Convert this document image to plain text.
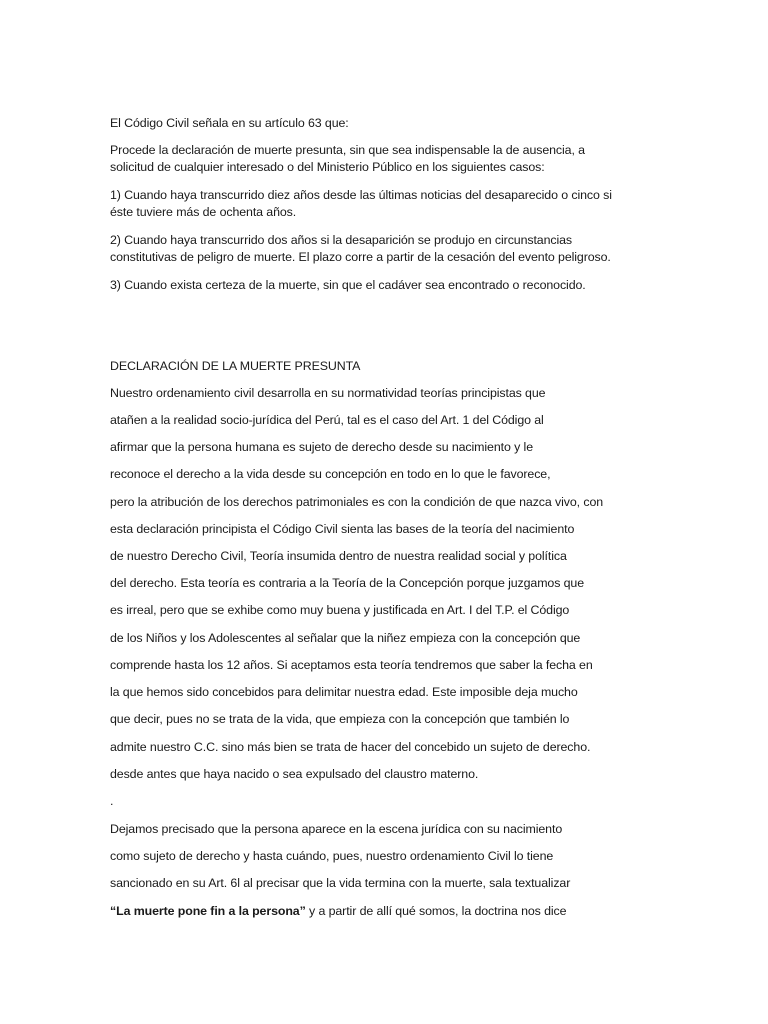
El Código Civil señala en su artículo 63 que:
Procede la declaración de muerte presunta, sin que sea indispensable la de ausencia, a
solicitud de cualquier interesado o del Ministerio Público en los siguientes casos:
1) Cuando haya transcurrido diez años desde las últimas noticias del desaparecido o cinco si
éste tuviere más de ochenta años.
2) Cuando haya transcurrido dos años si la desaparición se produjo en circunstancias
constitutivas de peligro de muerte. El plazo corre a partir de la cesación del evento peligroso.
3) Cuando exista certeza de la muerte, sin que el cadáver sea encontrado o reconocido.
DECLARACIÓN DE LA MUERTE PRESUNTA
Nuestro ordenamiento civil desarrolla en su normatividad teorías principistas que
atañen a la realidad socio-jurídica del Perú, tal es el caso del Art. 1 del Código al
afirmar que la persona humana es sujeto de derecho desde su nacimiento y le
reconoce el derecho a la vida desde su concepción en todo en lo que le favorece,
pero la atribución de los derechos patrimoniales es con la condición de que nazca vivo, con
esta declaración principista el Código Civil sienta las bases de la teoría del nacimiento
de nuestro Derecho Civil, Teoría insumida dentro de nuestra realidad social y política
del derecho. Esta teoría es contraria a la Teoría de la Concepción porque juzgamos que
es irreal, pero que se exhibe como muy buena y justificada en Art. I del T.P. el Código
de los Niños y los Adolescentes al señalar que la niñez empieza con la concepción que
comprende hasta los 12 años. Si aceptamos esta teoría tendremos que saber la fecha en
la que hemos sido concebidos para delimitar nuestra edad. Este imposible deja mucho
que decir, pues no se trata de la vida, que empieza con la concepción que también lo
admite nuestro C.C. sino más bien se trata de hacer del concebido un sujeto de derecho.
desde antes que haya nacido o sea expulsado del claustro materno.
.
Dejamos precisado que la persona aparece en la escena jurídica con su nacimiento
como sujeto de derecho y hasta cuándo, pues, nuestro ordenamiento Civil lo tiene
sancionado en su Art. 6l al precisar que la vida termina con la muerte, sala textualizar
“La muerte pone fin a la persona” y a partir de allí qué somos, la doctrina nos dice
